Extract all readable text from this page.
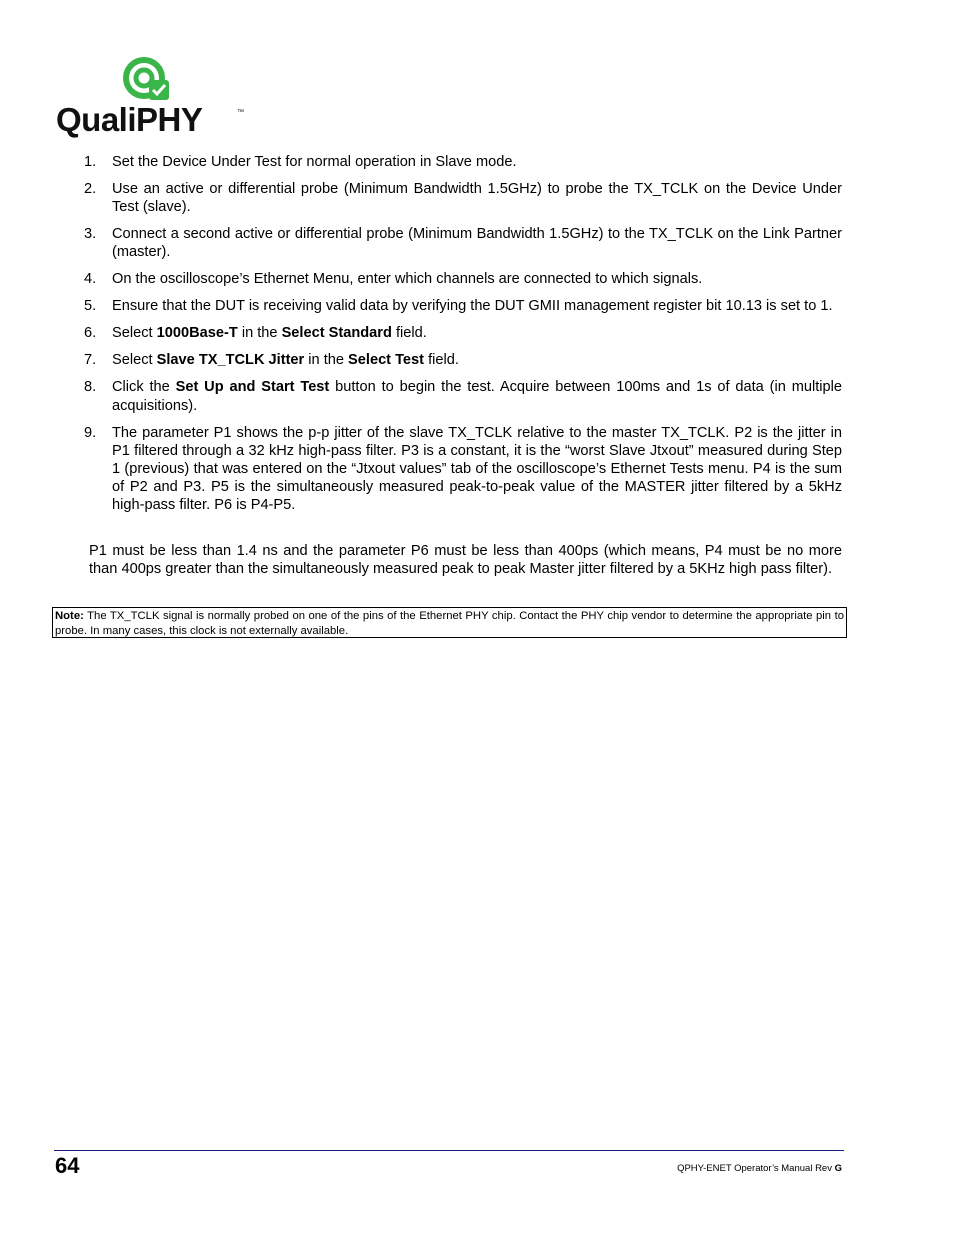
QualiPHY	™
1. Set the Device Under Test for normal operation in Slave mode.
2. Use an active or differential probe (Minimum Bandwidth 1.5GHz) to probe the TX_TCLK on the Device Under Test (slave).
3. Connect a second active or differential probe (Minimum Bandwidth 1.5GHz) to the TX_TCLK on the Link Partner (master).
4. On the oscilloscope’s Ethernet Menu, enter which channels are connected to which signals.
5. Ensure that the DUT is receiving valid data by verifying the DUT GMII management register bit 10.13 is set to 1.
6. Select 1000Base-T in the Select Standard field.
7. Select Slave TX_TCLK Jitter in the Select Test field.
8. Click the Set Up and Start Test button to begin the test. Acquire between 100ms and 1s of data (in multiple acquisitions).
9. The parameter P1 shows the p-p jitter of the slave TX_TCLK relative to the master TX_TCLK. P2 is the jitter in P1 filtered through a 32 kHz high-pass filter. P3 is a constant, it is the “worst Slave Jtxout” measured during Step 1 (previous) that was entered on the “Jtxout values” tab of the oscilloscope’s Ethernet Tests menu. P4 is the sum of P2 and P3. P5 is the simultaneously measured peak-to-peak value of the MASTER jitter filtered by a 5kHz high-pass filter. P6 is P4-P5.

P1 must be less than 1.4 ns and the parameter P6 must be less than 400ps (which means, P4 must be no more than 400ps greater than the simultaneously measured peak to peak Master jitter filtered by a 5KHz high pass filter).

Note: The TX_TCLK signal is normally probed on one of the pins of the Ethernet PHY chip. Contact the PHY chip vendor to determine the appropriate pin to probe. In many cases, this clock is not externally available.
64	QPHY-ENET Operator’s Manual Rev G
